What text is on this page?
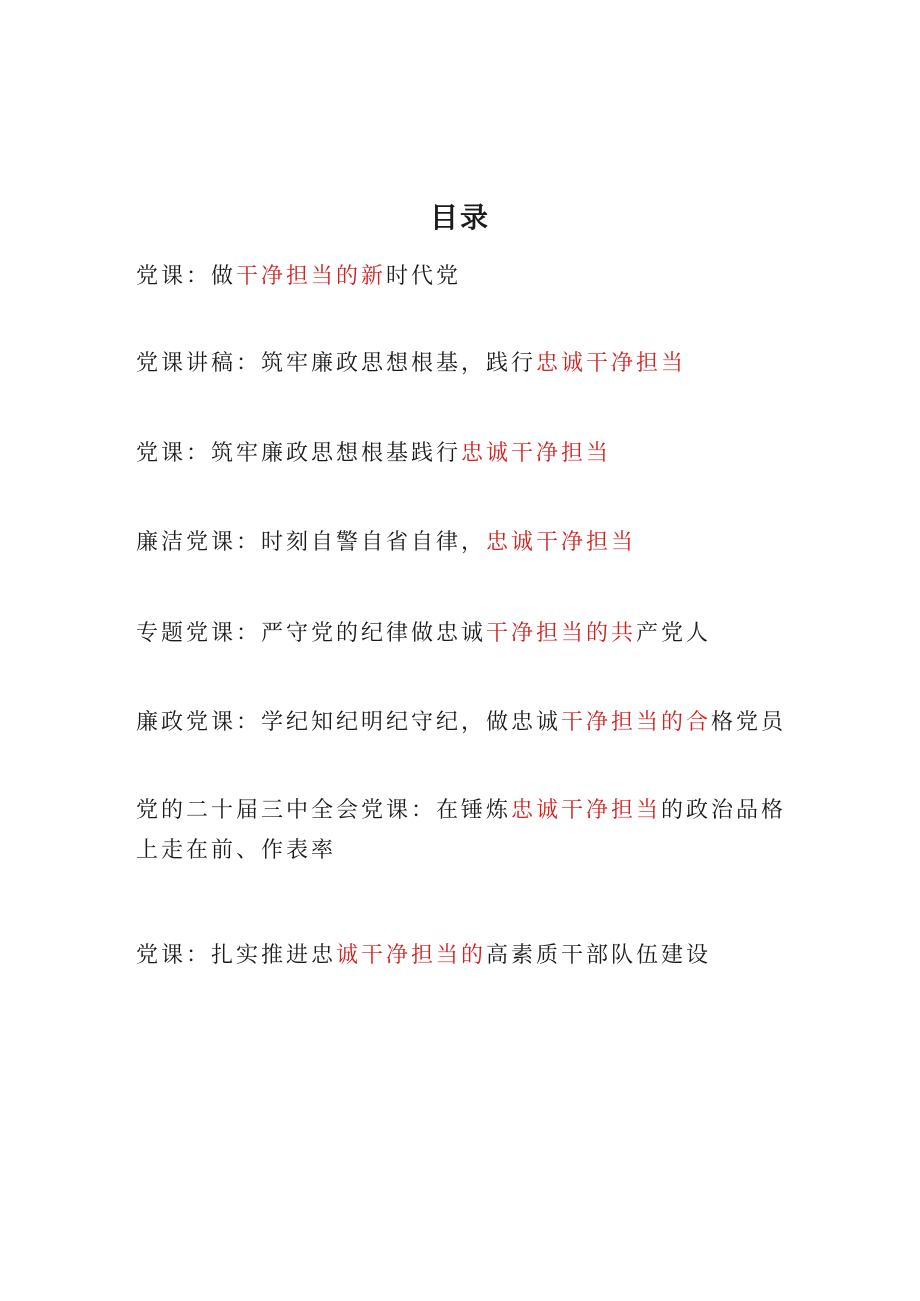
目录
党课：做干净担当的新时代党
党课讲稿：筑牢廉政思想根基，践行忠诚干净担当
党课：筑牢廉政思想根基践行忠诚干净担当
廉洁党课：时刻自警自省自律，忠诚干净担当
专题党课：严守党的纪律做忠诚干净担当的共产党人
廉政党课：学纪知纪明纪守纪，做忠诚干净担当的合格党员
党的二十届三中全会党课：在锤炼忠诚干净担当的政治品格上走在前、作表率
党课：扎实推进忠诚干净担当的高素质干部队伍建设
